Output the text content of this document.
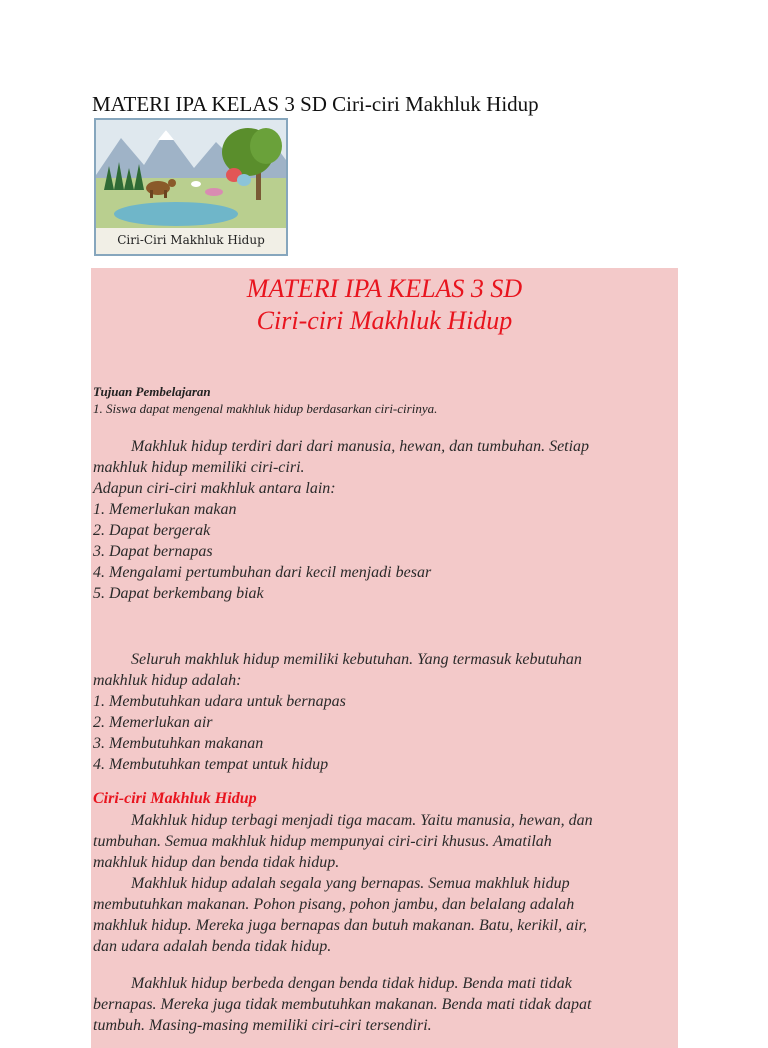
MATERI IPA KELAS 3 SD Ciri-ciri Makhluk Hidup
Ciri-Ciri Makhluk Hidup
MATERI IPA KELAS 3 SD
Ciri-ciri Makhluk Hidup
Tujuan Pembelajaran
1. Siswa dapat mengenal makhluk hidup berdasarkan ciri-cirinya.
Makhluk hidup terdiri dari dari manusia, hewan, dan tumbuhan. Setiap
makhluk hidup memiliki ciri-ciri.
Adapun ciri-ciri makhluk antara lain:
1. Memerlukan makan
2. Dapat bergerak
3. Dapat bernapas
4. Mengalami pertumbuhan dari kecil menjadi besar
5. Dapat berkembang biak
Seluruh makhluk hidup memiliki kebutuhan. Yang termasuk kebutuhan
makhluk hidup adalah:
1. Membutuhkan udara untuk bernapas
2. Memerlukan air
3. Membutuhkan makanan
4. Membutuhkan tempat untuk hidup
Ciri-ciri Makhluk Hidup
Makhluk hidup terbagi menjadi tiga macam. Yaitu manusia, hewan, dan
tumbuhan. Semua makhluk hidup mempunyai ciri-ciri khusus. Amatilah
makhluk hidup dan benda tidak hidup.
Makhluk hidup adalah segala yang bernapas. Semua makhluk hidup
membutuhkan makanan. Pohon pisang, pohon jambu, dan belalang adalah
makhluk hidup. Mereka juga bernapas dan butuh makanan. Batu, kerikil, air,
dan udara adalah benda tidak hidup.
Makhluk hidup berbeda dengan benda tidak hidup. Benda mati tidak
bernapas. Mereka juga tidak membutuhkan makanan. Benda mati tidak dapat
tumbuh. Masing-masing memiliki ciri-ciri tersendiri.
